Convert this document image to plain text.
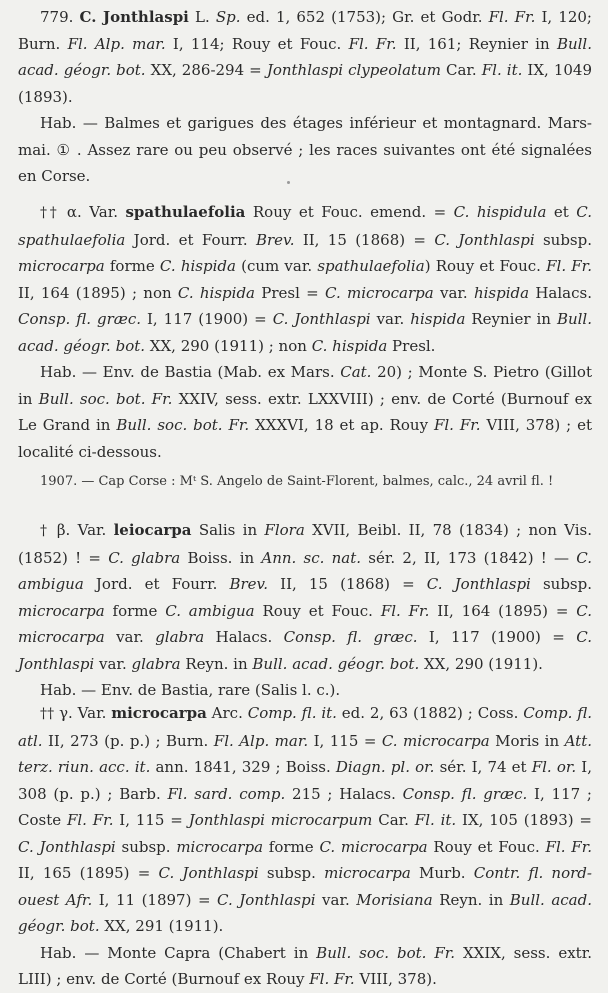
779. C. Jonthlaspi L. Sp. ed. 1, 652 (1753); Gr. et Godr. Fl. Fr. I, 120; Burn. Fl. Alp. mar. I, 114; Rouy et Fouc. Fl. Fr. II, 161; Reynier in Bull. acad. géogr. bot. XX, 286-294 = Jonthlaspi clypeolatum Car. Fl. it. IX, 1049 (1893).

Hab. — Balmes et garigues des étages inférieur et montagnard. Mars-mai. ① . Assez rare ou peu observé ; les races suivantes ont été signalées en Corse.

†† α. Var. spathulaefolia Rouy et Fouc. emend. = C. hispidula et C. spathulaefolia Jord. et Fourr. Brev. II, 15 (1868) = C. Jonthlaspi subsp. microcarpa forme C. hispida (cum var. spathulaefolia) Rouy et Fouc. Fl. Fr. II, 164 (1895) ; non C. hispida Presl = C. microcarpa var. hispida Halacs. Consp. fl. græc. I, 117 (1900) = C. Jonthlaspi var. hispida Reynier in Bull. acad. géogr. bot. XX, 290 (1911) ; non C. hispida Presl.

Hab. — Env. de Bastia (Mab. ex Mars. Cat. 20) ; Monte S. Pietro (Gillot in Bull. soc. bot. Fr. XXIV, sess. extr. LXXVIII) ; env. de Corté (Burnouf ex Le Grand in Bull. soc. bot. Fr. XXXVI, 18 et ap. Rouy Fl. Fr. VIII, 378) ; et localité ci-dessous.

1907. — Cap Corse : Mᵗ S. Angelo de Saint-Florent, balmes, calc., 24 avril fl. !

† β. Var. leiocarpa Salis in Flora XVII, Beibl. II, 78 (1834) ; non Vis. (1852) ! = C. glabra Boiss. in Ann. sc. nat. sér. 2, II, 173 (1842) ! — C. ambigua Jord. et Fourr. Brev. II, 15 (1868) = C. Jonthlaspi subsp. microcarpa forme C. ambigua Rouy et Fouc. Fl. Fr. II, 164 (1895) = C. microcarpa var. glabra Halacs. Consp. fl. græc. I, 117 (1900) = C. Jonthlaspi var. glabra Reyn. in Bull. acad. géogr. bot. XX, 290 (1911).

Hab. — Env. de Bastia, rare (Salis l. c.).

†† γ. Var. microcarpa Arc. Comp. fl. it. ed. 2, 63 (1882) ; Coss. Comp. fl. atl. II, 273 (p. p.) ; Burn. Fl. Alp. mar. I, 115 = C. microcarpa Moris in Att. terz. riun. acc. it. ann. 1841, 329 ; Boiss. Diagn. pl. or. sér. I, 74 et Fl. or. I, 308 (p. p.) ; Barb. Fl. sard. comp. 215 ; Halacs. Consp. fl. græc. I, 117 ; Coste Fl. Fr. I, 115 = Jonthlaspi microcarpum Car. Fl. it. IX, 105 (1893) = C. Jonthlaspi subsp. microcarpa forme C. microcarpa Rouy et Fouc. Fl. Fr. II, 165 (1895) = C. Jonthlaspi subsp. microcarpa Murb. Contr. fl. nord-ouest Afr. I, 11 (1897) = C. Jonthlaspi var. Morisiana Reyn. in Bull. acad. géogr. bot. XX, 291 (1911).

Hab. — Monte Capra (Chabert in Bull. soc. bot. Fr. XXIX, sess. extr. LIII) ; env. de Corté (Burnouf ex Rouy Fl. Fr. VIII, 378).
